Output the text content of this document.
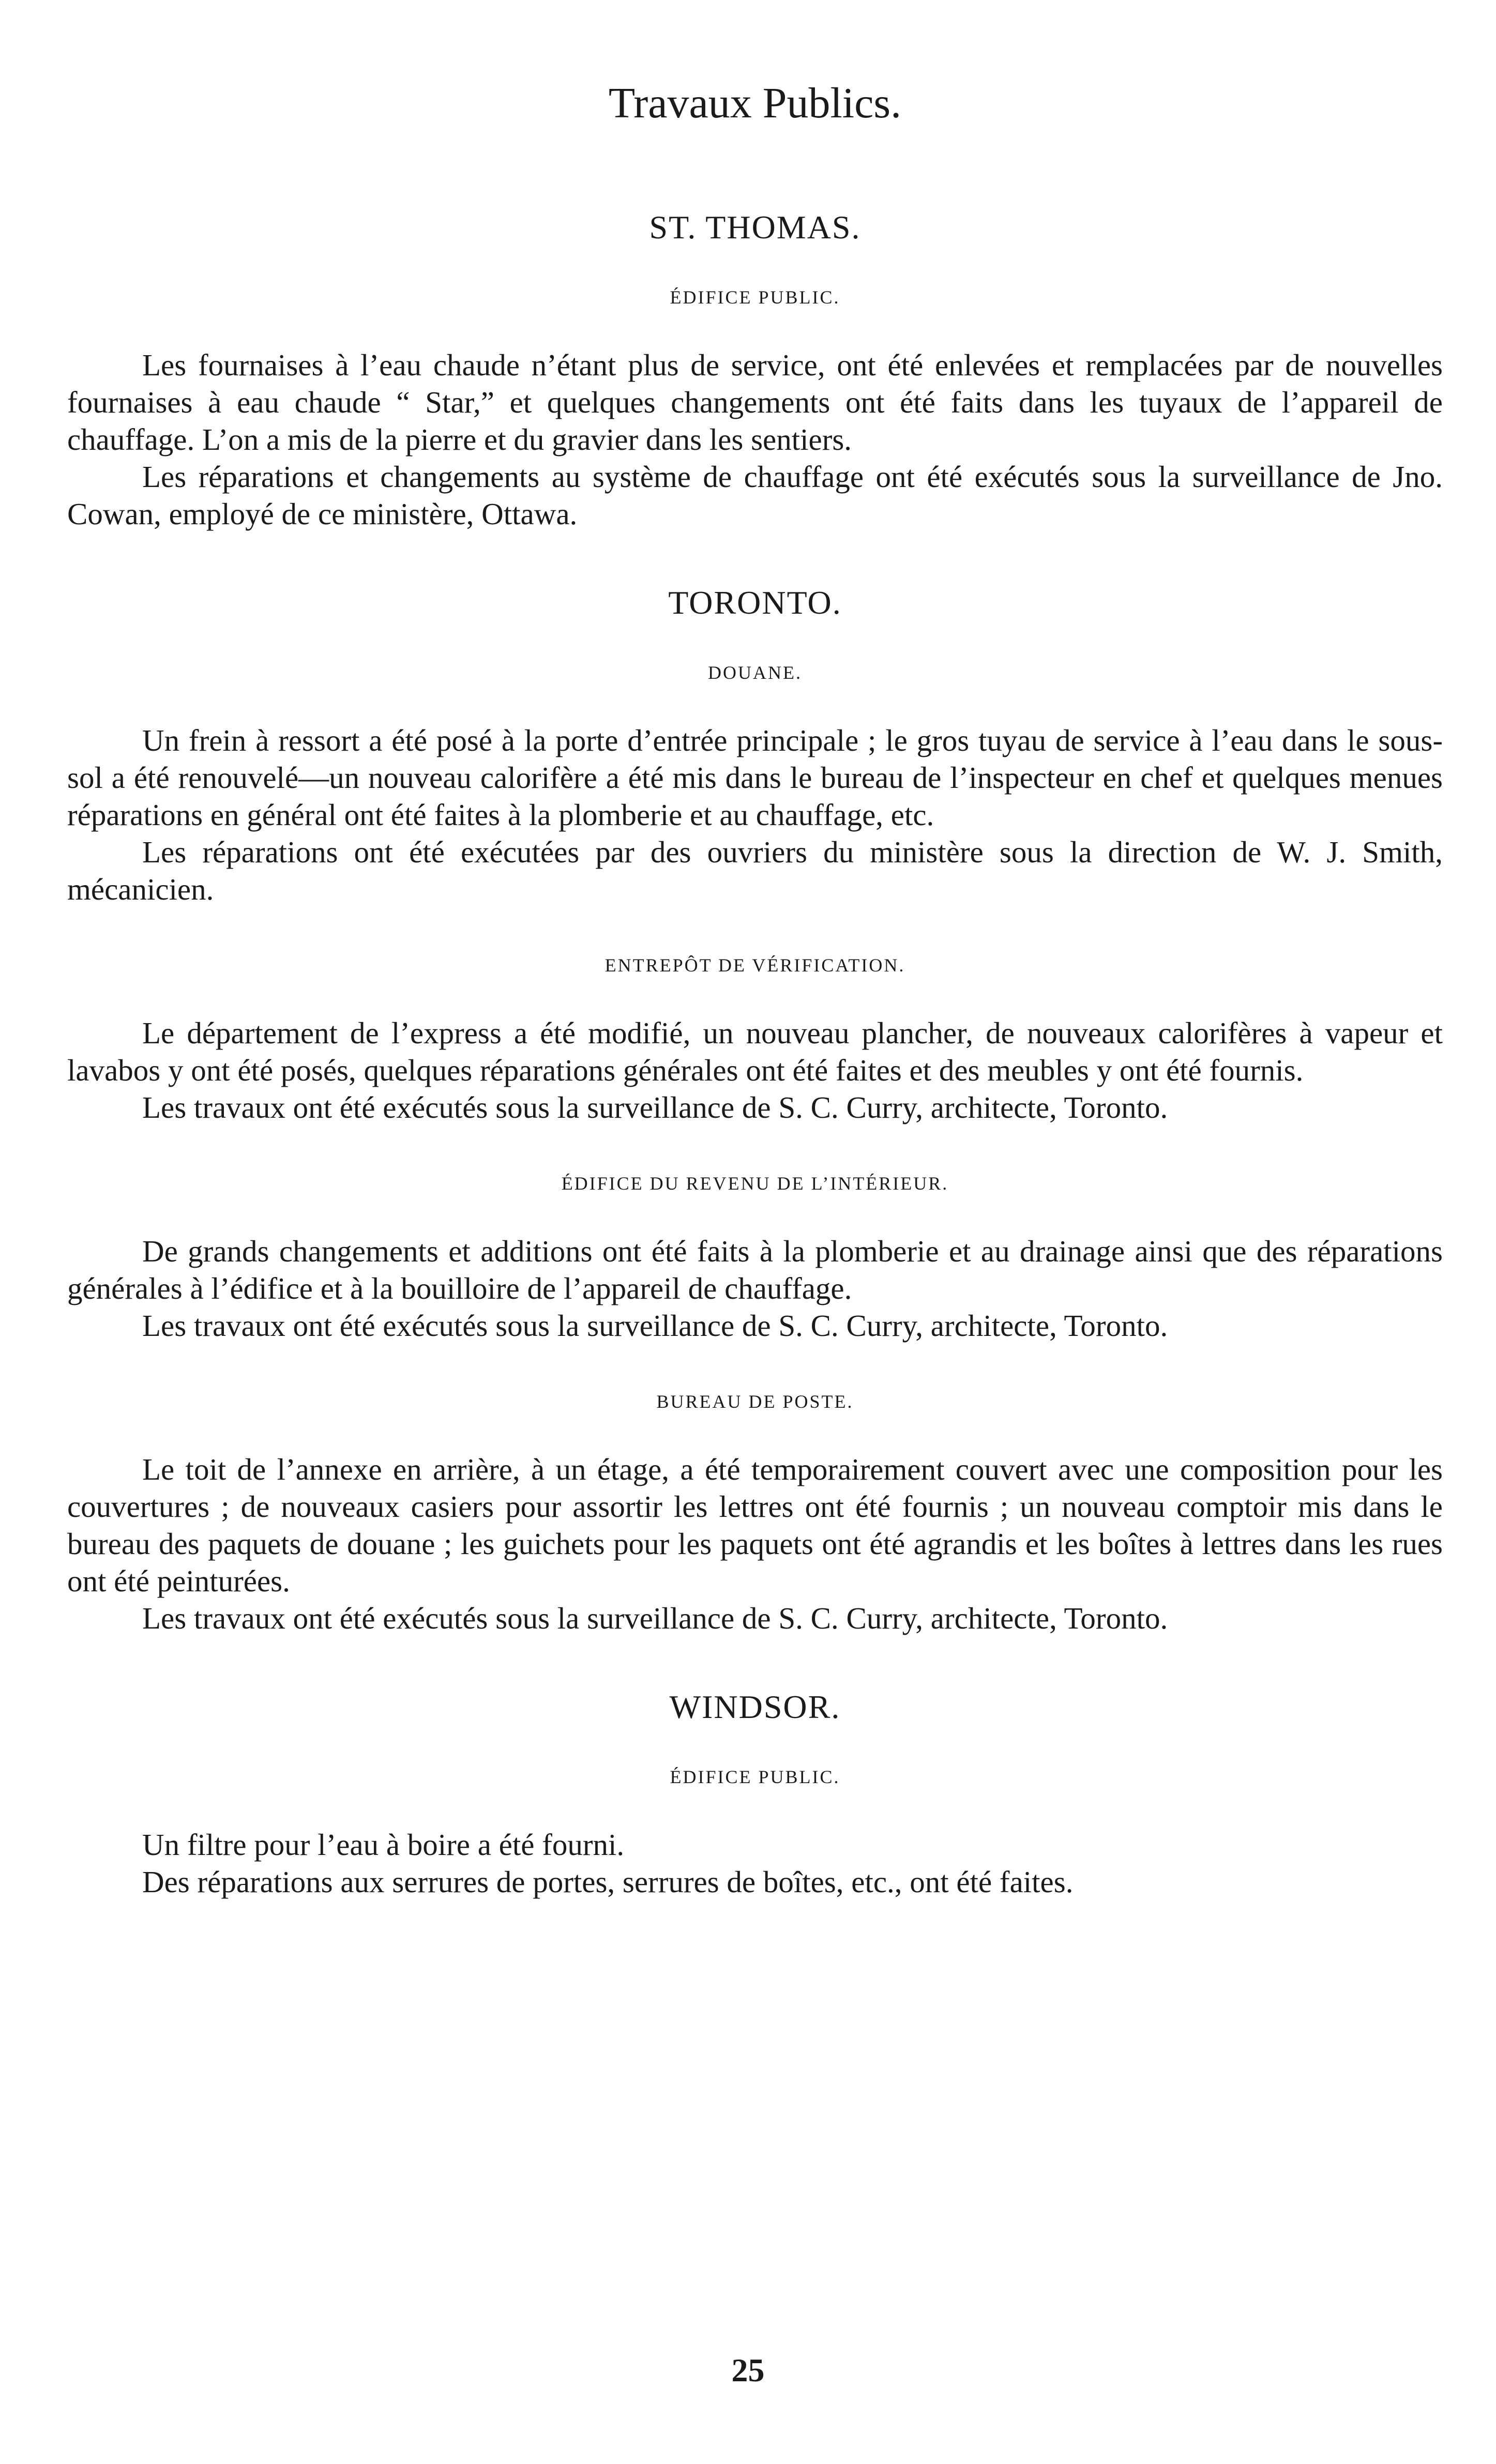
Travaux Publics.
ST. THOMAS.
ÉDIFICE PUBLIC.

Les fournaises à l’eau chaude n’étant plus de service, ont été enlevées et remplacées par de nouvelles fournaises à eau chaude “ Star,” et quelques changements ont été faits dans les tuyaux de l’appareil de chauffage. L’on a mis de la pierre et du gravier dans les sentiers.

Les réparations et changements au système de chauffage ont été exécutés sous la surveillance de Jno. Cowan, employé de ce ministère, Ottawa.

TORONTO.
DOUANE.

Un frein à ressort a été posé à la porte d’entrée principale ; le gros tuyau de service à l’eau dans le sous-sol a été renouvelé—un nouveau calorifère a été mis dans le bureau de l’inspecteur en chef et quelques menues réparations en général ont été faites à la plomberie et au chauffage, etc.

Les réparations ont été exécutées par des ouvriers du ministère sous la direction de W. J. Smith, mécanicien.

ENTREPÔT DE VÉRIFICATION.

Le département de l’express a été modifié, un nouveau plancher, de nouveaux calorifères à vapeur et lavabos y ont été posés, quelques réparations générales ont été faites et des meubles y ont été fournis.

Les travaux ont été exécutés sous la surveillance de S. C. Curry, architecte, Toronto.

ÉDIFICE DU REVENU DE L’INTÉRIEUR.

De grands changements et additions ont été faits à la plomberie et au drainage ainsi que des réparations générales à l’édifice et à la bouilloire de l’appareil de chauffage.

Les travaux ont été exécutés sous la surveillance de S. C. Curry, architecte, Toronto.

BUREAU DE POSTE.

Le toit de l’annexe en arrière, à un étage, a été temporairement couvert avec une composition pour les couvertures ; de nouveaux casiers pour assortir les lettres ont été fournis ; un nouveau comptoir mis dans le bureau des paquets de douane ; les guichets pour les paquets ont été agrandis et les boîtes à lettres dans les rues ont été peinturées.

Les travaux ont été exécutés sous la surveillance de S. C. Curry, architecte, Toronto.

WINDSOR.
ÉDIFICE PUBLIC.

Un filtre pour l’eau à boire a été fourni.

Des réparations aux serrures de portes, serrures de boîtes, etc., ont été faites.

25
